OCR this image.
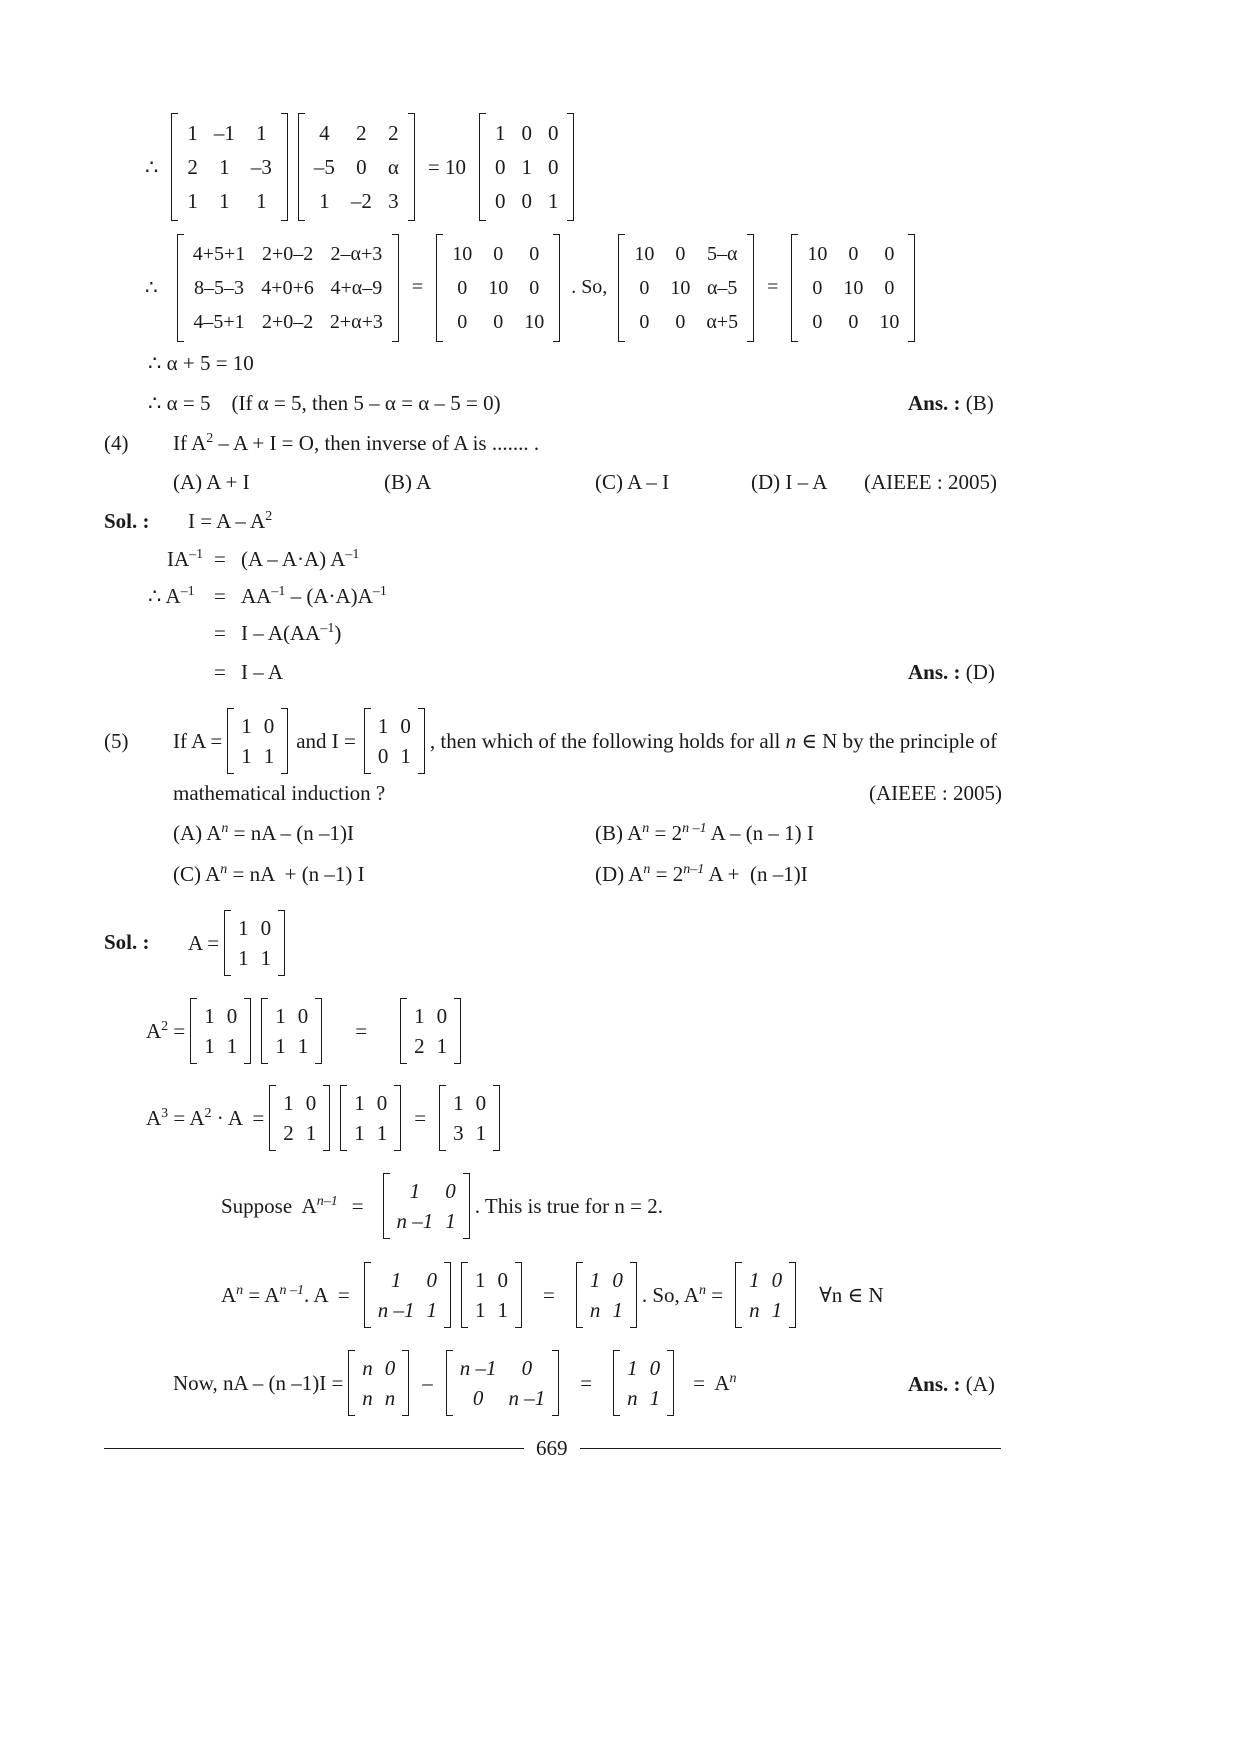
∴
1 –1	1
2	1	–3
1	1	1
4	2	2
–5	0	α
1	–2 3
= 10
1 0 0
0 1 0
0 0 1
∴
4+5+1 2+0–2 2–α+3
8–5–3 4+0+6 4+α–9
4–5+1 2+0–2 2+α+3
=
10	0	0
0	10	0
0	0	10
. So,
10	0	5–α
0	10 α–5
0	0	α+5
=
10	0	0
0	10	0
0	0	10
∴ α + 5 = 10
∴ α = 5    (If α = 5, then 5 – α = α – 5 = 0)	Ans. : (B)
(4) If $A^2 - A + I = O$, then inverse of A is ....... .
(A) A + I	(B) A	(C) A – I	(D) I – A (AIEEE : 2005)
Sol. : $I = A - A^2$
$IA^{-1} = (A - A\cdot A)$ $A^{-1}$
∴ $A^{-1} = AA^{-1} - (A\cdot A)A^{-1}$
= I – $A(AA^{-1})$
= I – A	Ans. : (D)
(5) If A =
1 0
1 1
and I =
1 0
0 1
, then which of the following holds for all n ∈ N by the principle of
mathematical induction ?	(AIEEE : 2005)
(A) $A^n$ = nA – (n –1)I	(B) $A^n = 2^{n -1}$ A – (n – 1) I
(C) $A^n$ = nA  + (n –1) I	(D) $A^n = 2^{n-1}$ A +  (n –1)I
Sol. : A =
1 0
1 1
$A^2$ =
1 0
1 1
1 0
1 1
=
1 0
2 1
$A^3 = A^2 \cdot A$  =
1 0
2 1
1 0
1 1
=
1 0
3 1
Suppose  $A^{n-1}$ =
1 0
n –1 1
. This is true for n = 2.
$A^n = A^{n -1}$. A  =
1 0
n –1 1
1 0
1 1
=
1 0
n 1
. So, $A^n$ =
1 0
n 1
∀n ∈ N
Now, nA – (n –1)I =
n 0
n n
–
n –1 0
0 n –1
=
1 0
n 1
=  $A^n$	Ans. : (A)
669
